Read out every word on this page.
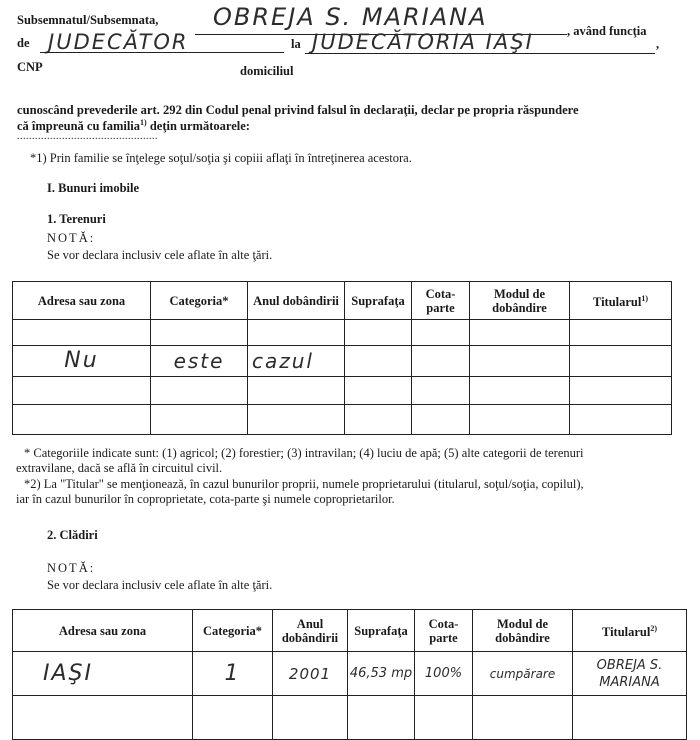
Subsemnatul/Subsemnata, OBREJA S. MARIANA	, având funcţia
de JUDECĂTOR	la JUDECĂTORIA IAŞI	,
CNP	domiciliul
cunoscând prevederile art. 292 din Codul penal privind falsul în declaraţii, declar pe propria răspundere
că împreună cu familia$^{1)}$ deţin următoarele:
...............................................
*1) Prin familie se înţelege soţul/soţia şi copiii aflaţi în întreţinerea acestora.
I. Bunuri imobile
1. Terenuri
NOTĂ:
Se vor declara inclusiv cele aflate în alte ţări.
Adresa sau zona	Categoria*	Anul dobândirii	Suprafaţa	Cota-parte	Modul de dobândire	Titularul$^{1)}$

Nu	este	cazul				

* Categoriile indicate sunt: (1) agricol; (2) forestier; (3) intravilan; (4) luciu de apă; (5) alte categorii de terenuri
extravilane, dacă se află în circuitul civil.
*2) La "Titular" se menţionează, în cazul bunurilor proprii, numele proprietarului (titularul, soţul/soţia, copilul),
iar în cazul bunurilor în coproprietate, cota-parte şi numele coproprietarilor.
2. Clădiri
NOTĂ:
Se vor declara inclusiv cele aflate în alte ţări.
Adresa sau zona	Categoria*	Anul dobândirii	Suprafaţa	Cota-parte	Modul de dobândire	Titularul$^{2)}$
IAŞI	1	2001	46,53 mp	100%	cumpărare	OBREJA S. MARIANA
